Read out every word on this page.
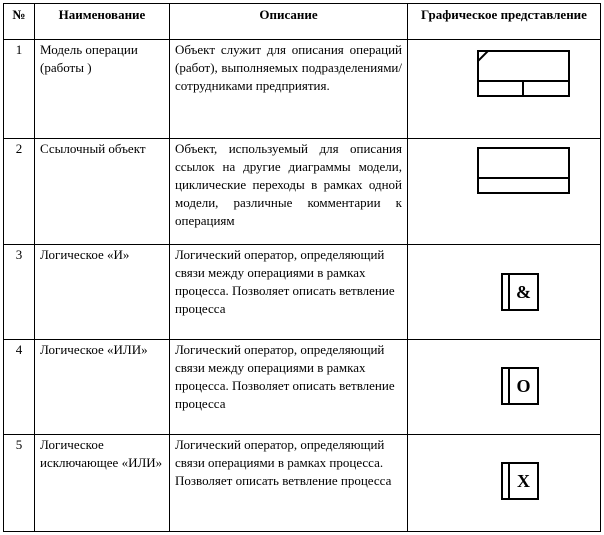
№	Наименование	Описание	Графическое представление
1	Модель операции (работы )	Объект служит для описания операций (работ), выполняемых подразделениями/сотрудниками предприятия.	

2	Ссылочный объект	Объект, используемый для описания ссылок на другие диаграммы модели, циклические переходы в рамках одной модели, различные комментарии к операциям	

3	Логическое «И»	Логический оператор, определяющий связи между операциями в рамках процесса. Позволяет описать ветвление процесса	&

4	Логическое «ИЛИ»	Логический оператор, определяющий связи между операциями в рамках процесса. Позволяет описать ветвление процесса	O

5	Логическое исключающее «ИЛИ»	Логический оператор, определяющий связи операциями в рамках процесса. Позволяет описать ветвление процесса	X
